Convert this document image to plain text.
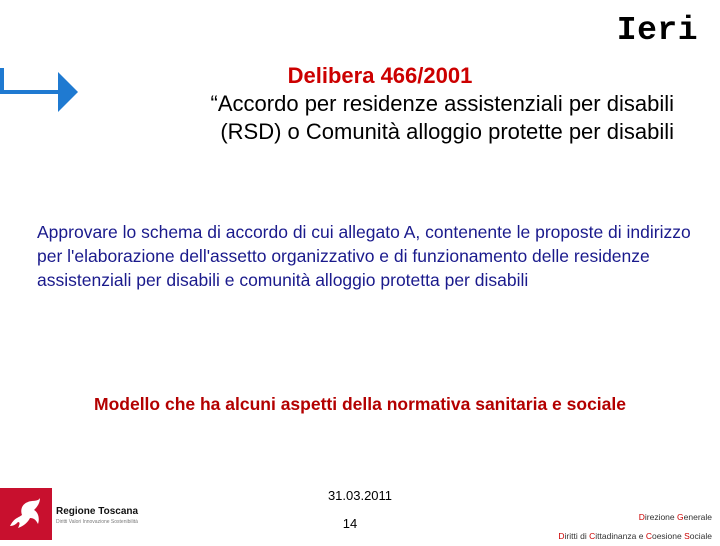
Ieri
Delibera 466/2001
“Accordo per residenze assistenziali per disabili
(RSD) o Comunità alloggio protette per disabili
Approvare lo schema di accordo di cui allegato A, contenente le proposte di indirizzo per l'elaborazione dell'assetto organizzativo e di funzionamento delle residenze assistenziali per disabili e comunità alloggio protetta per disabili
Modello che ha alcuni aspetti della normativa sanitaria e sociale
Regione Toscana
Diritti Valori Innovazione Sostenibilità
31.03.2011
14	Direzione Generale
Diritti di Cittadinanza e Coesione Sociale
